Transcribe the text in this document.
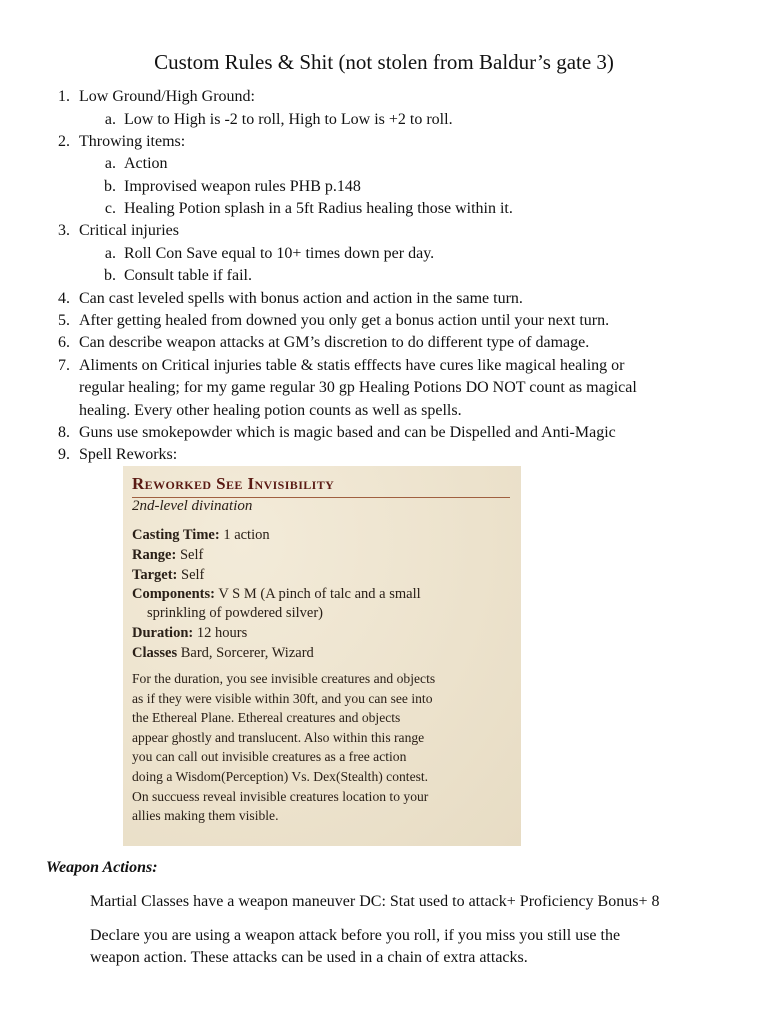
Custom Rules & Shit (not stolen from Baldur’s gate 3)
1. Low Ground/High Ground:
a. Low to High is -2 to roll, High to Low is +2 to roll.
2. Throwing items:
a. Action
b. Improvised weapon rules PHB p.148
c. Healing Potion splash in a 5ft Radius healing those within it.
3. Critical injuries
a. Roll Con Save equal to 10+ times down per day.
b. Consult table if fail.
4. Can cast leveled spells with bonus action and action in the same turn.
5. After getting healed from downed you only get a bonus action until your next turn.
6. Can describe weapon attacks at GM’s discretion to do different type of damage.
7. Aliments on Critical injuries table & statis efffects have cures like magical healing or
regular healing; for my game regular 30 gp Healing Potions DO NOT count as magical
healing. Every other healing potion counts as well as spells.
8. Guns use smokepowder which is magic based and can be Dispelled and Anti-Magic
9. Spell Reworks:
Reworked See Invisibility
2nd-level divination
Casting Time: 1 action
Range: Self
Target: Self
Components: V S M (A pinch of talc and a small
sprinkling of powdered silver)
Duration: 12 hours
Classes Bard, Sorcerer, Wizard
For the duration, you see invisible creatures and objects
as if they were visible within 30ft, and you can see into
the Ethereal Plane. Ethereal creatures and objects
appear ghostly and translucent. Also within this range
you can call out invisible creatures as a free action
doing a Wisdom(Perception) Vs. Dex(Stealth) contest.
On succuess reveal invisible creatures location to your
allies making them visible.
Weapon Actions:
Martial Classes have a weapon maneuver DC: Stat used to attack+ Proficiency Bonus+ 8
Declare you are using a weapon attack before you roll, if you miss you still use the
weapon action. These attacks can be used in a chain of extra attacks.
